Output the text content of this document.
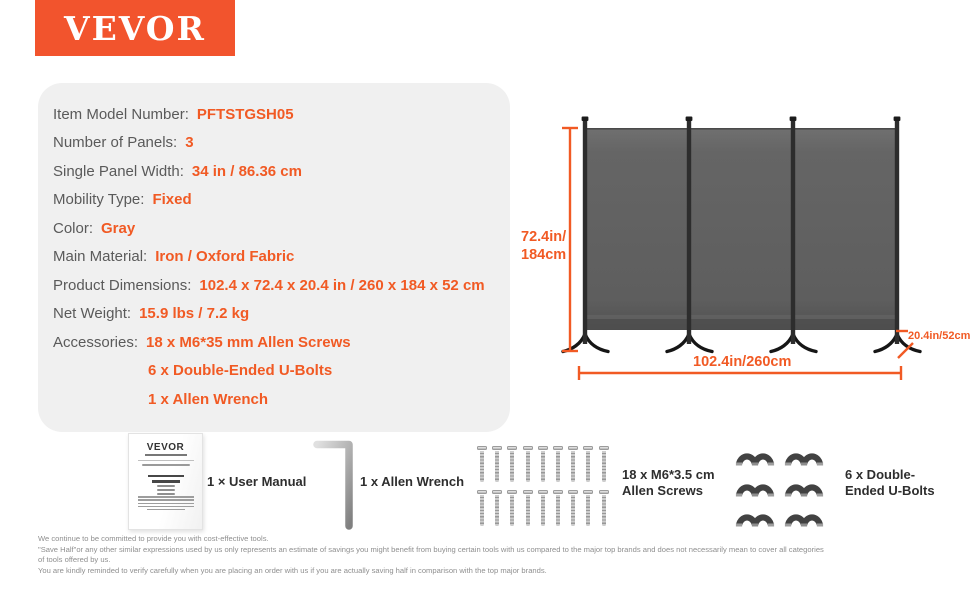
VEVOR
Item Model Number: PFTSTGSH05
Number of Panels: 3
Single Panel Width: 34 in / 86.36 cm
Mobility Type: Fixed
Color: Gray
Main Material: Iron / Oxford Fabric
Product Dimensions: 102.4 x 72.4 x 20.4 in / 260 x 184 x 52 cm
Net Weight: 15.9 lbs / 7.2 kg
Accessories: 18 x M6*35 mm Allen Screws
6 x Double-Ended U-Bolts
1 x Allen Wrench
72.4in/
184cm
102.4in/260cm
20.4in/52cm
VEVOR
1 × User Manual	1 x Allen Wrench	18 x M6*3.5 cm
Allen Screws
6 x Double-
Ended U-Bolts
We continue to be committed to provide you with cost-effective tools.
"Save Half"or any other similar expressions used by us only represents an estimate of savings you might benefit from buying certain tools with us compared to the major top brands and does not necessarily mean to cover all categories
of tools offered by us.
You are kindly reminded to verify carefully when you are placing an order with us if you are actually saving half in comparison with the top major brands.
